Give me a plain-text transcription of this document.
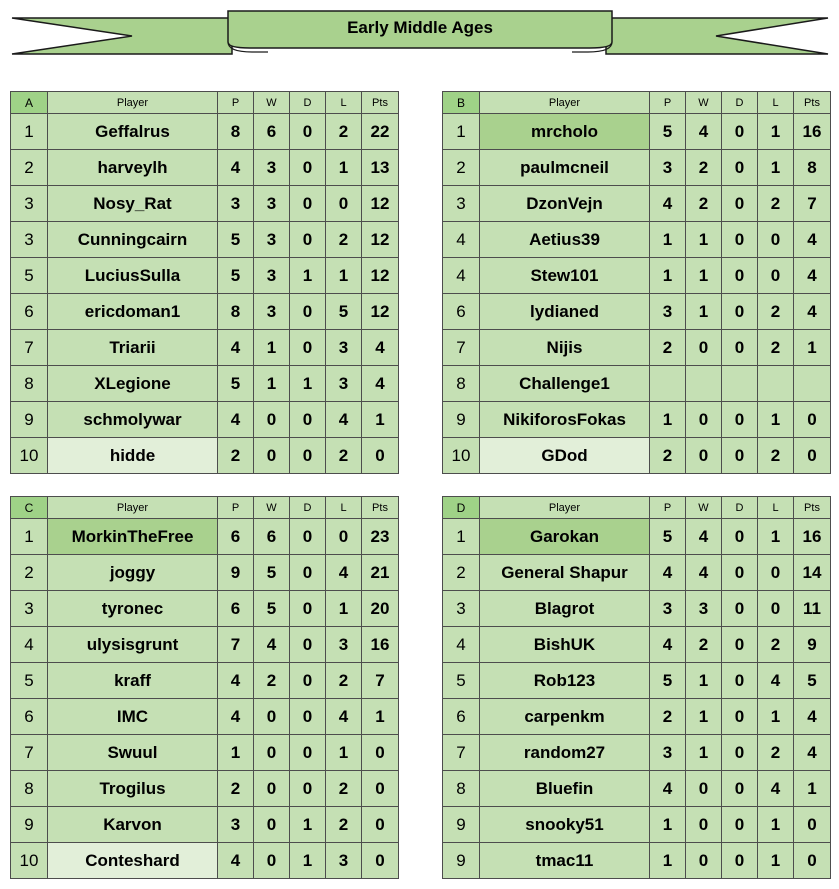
Early Middle Ages
A	Player	P	W	D	L	Pts
1	Geffalrus	8	6	0	2	22
2	harveylh	4	3	0	1	13
3	Nosy_Rat	3	3	0	0	12
3	Cunningcairn	5	3	0	2	12
5	LuciusSulla	5	3	1	1	12
6	ericdoman1	8	3	0	5	12
7	Triarii	4	1	0	3	4
8	XLegione	5	1	1	3	4
9	schmolywar	4	0	0	4	1
10	hidde	2	0	0	2	0
B	Player	P	W	D	L	Pts
1	mrcholo	5	4	0	1	16
2	paulmcneil	3	2	0	1	8
3	DzonVejn	4	2	0	2	7
4	Aetius39	1	1	0	0	4
4	Stew101	1	1	0	0	4
6	lydianed	3	1	0	2	4
7	Nijis	2	0	0	2	1
8	Challenge1					
9	NikiforosFokas	1	0	0	1	0
10	GDod	2	0	0	2	0
C	Player	P	W	D	L	Pts
1	MorkinTheFree	6	6	0	0	23
2	joggy	9	5	0	4	21
3	tyronec	6	5	0	1	20
4	ulysisgrunt	7	4	0	3	16
5	kraff	4	2	0	2	7
6	IMC	4	0	0	4	1
7	Swuul	1	0	0	1	0
8	Trogilus	2	0	0	2	0
9	Karvon	3	0	1	2	0
10	Conteshard	4	0	1	3	0
D	Player	P	W	D	L	Pts
1	Garokan	5	4	0	1	16
2	General Shapur	4	4	0	0	14
3	Blagrot	3	3	0	0	11
4	BishUK	4	2	0	2	9
5	Rob123	5	1	0	4	5
6	carpenkm	2	1	0	1	4
7	random27	3	1	0	2	4
8	Bluefin	4	0	0	4	1
9	snooky51	1	0	0	1	0
9	tmac11	1	0	0	1	0
